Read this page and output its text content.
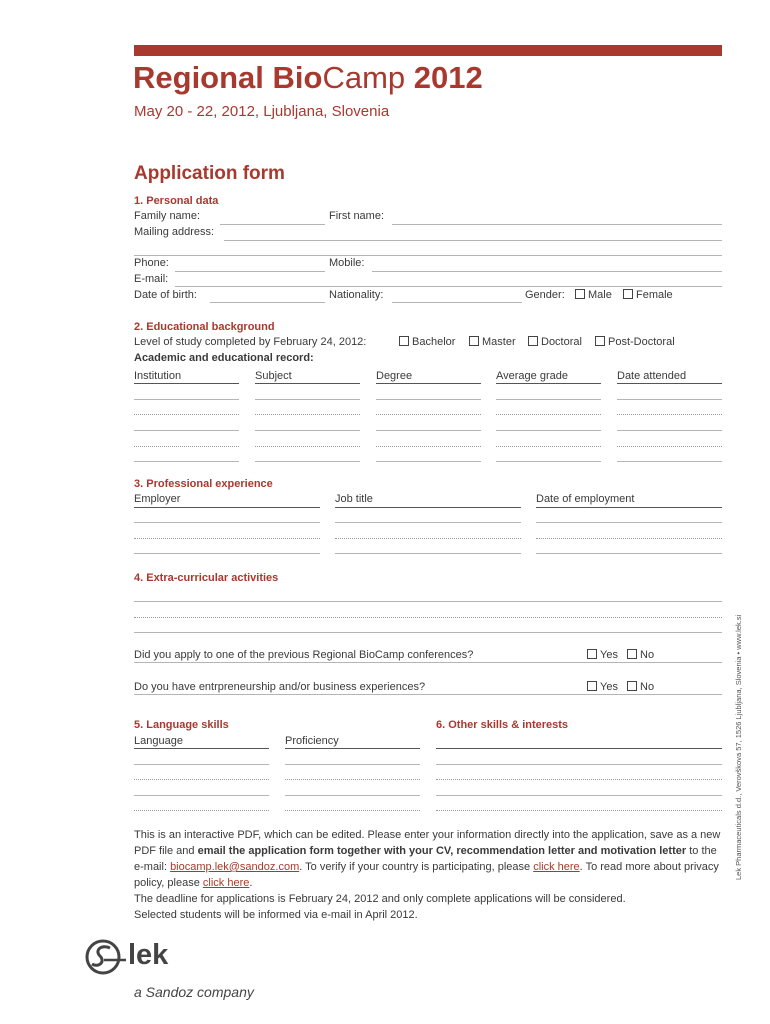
Regional BioCamp 2012
May 20 - 22, 2012, Ljubljana, Slovenia
Application form
1. Personal data
Family name:	First name:
Mailing address:
Phone:	Mobile:
E-mail:
Date of birth:	Nationality:	Gender:	Male	Female
2. Educational background
Level of study completed by February 24, 2012:	Bachelor	Master	Doctoral	Post-Doctoral
Academic and educational record:
Institution	Subject	Degree	Average grade	Date attended
3. Professional experience
Employer	Job title	Date of employment
4. Extra-curricular activities
Did you apply to one of the previous Regional BioCamp conferences?	Yes	No
Do you have entrpreneurship and/or business experiences?	Yes	No
5. Language skills
Language	Proficiency
6. Other skills & interests

This is an interactive PDF, which can be edited. Please enter your information directly into the application, save as a new PDF file and email the application form together with your CV, recommendation letter and motivation letter to the e-mail: biocamp.lek@sandoz.com. To verify if your country is participating, please click here. To read more about privacy policy, please click here.

The deadline for applications is February 24, 2012 and only complete applications will be considered.

Selected students will be informed via e-mail in April 2012.

Lek Pharmaceuticals d.d., Verovškova 57, 1526 Ljubljana, Slovenia • www.lek.si
lek
a Sandoz company
